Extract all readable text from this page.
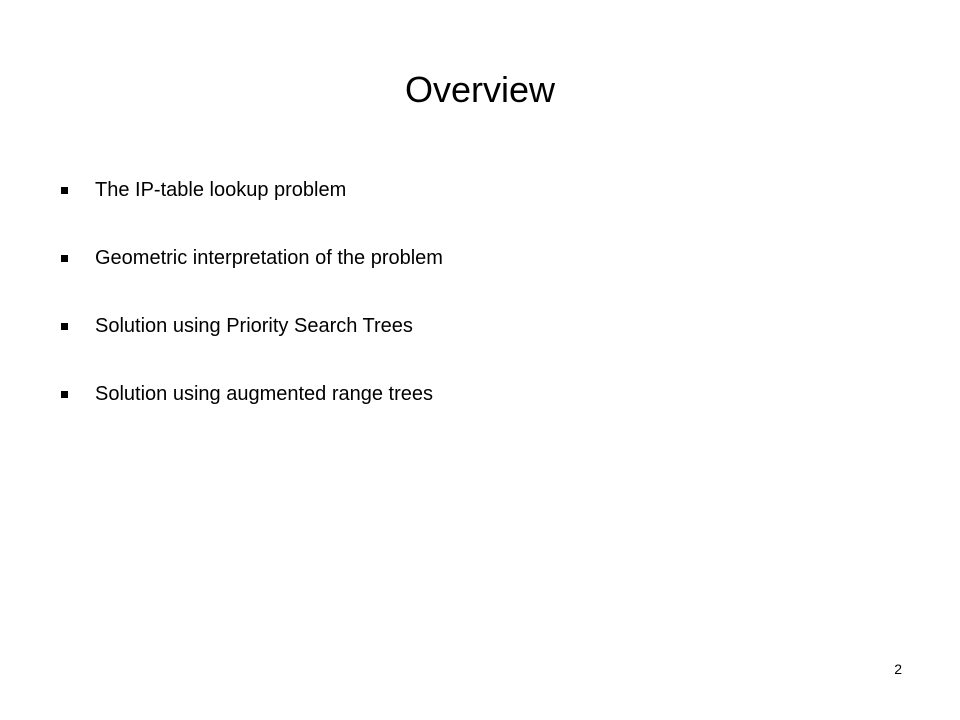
Overview
The IP-table lookup problem
Geometric interpretation of the problem
Solution using Priority Search Trees
Solution using augmented range trees
2
